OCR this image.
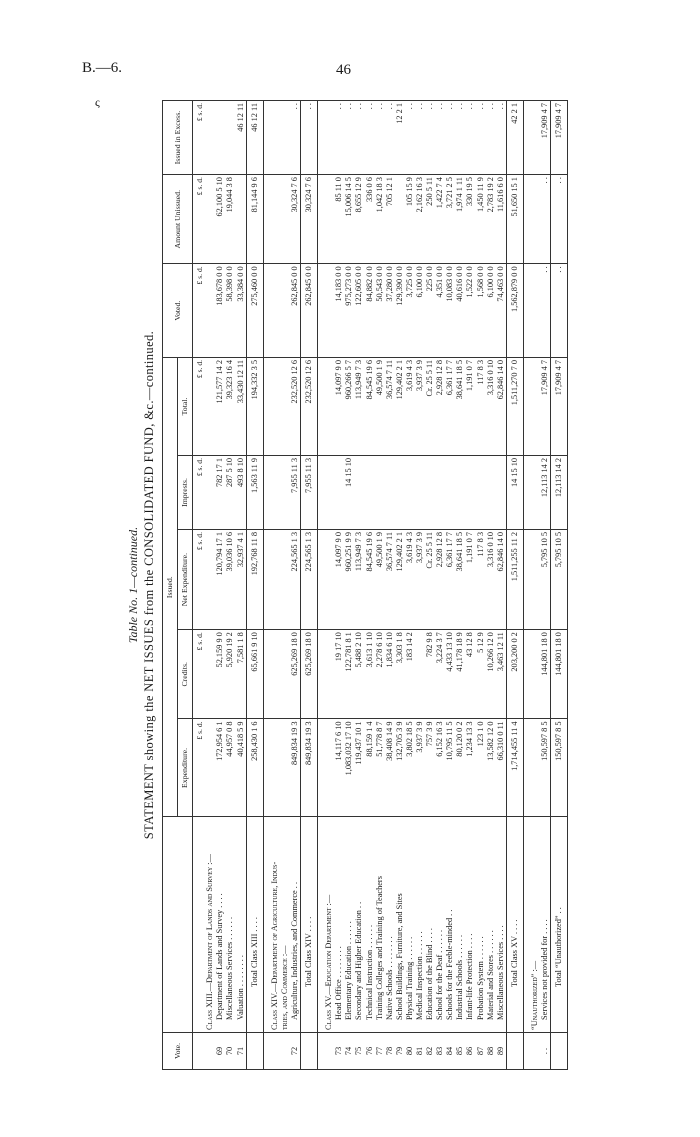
B.—6.	46
ς
Table No. 1—continued. STATEMENT showing the NET ISSUES from the CONSOLIDATED FUND, &c.—continued.
Vote.		Issued.					Voted.	Amount Unissued.	Issued in Excess.
		Expenditure.	Credits.	Net Expenditure.	Imprests.	Total.			
		£ s. d.	£ s. d.	£ s. d.	£ s. d.	£ s. d.	£ s. d.	£ s. d.	£ s. d.
	Class XIII.—Department of Lands and Survey :—								
69	Department of Lands and Survey . . . .	172,954 6 1	52,159 9 0	120,794 17 1	782 17 1	121,577 14 2	183,678 0 0	62,100 5 10	
70	Miscellaneous Services . . . . . .	44,957 0 8	5,920 19 2	39,036 10 6	287 5 10	39,323 16 4	58,398 0 0	19,044 3 8	
71	Valuation . . . . . . . .	40,418 5 9	7,581 1 8	32,937 4 1	493 8 10	33,430 12 11	33,384 0 0		46 12 11
	Total Class XIII . . . .	258,430 1 6	65,661 9 10	192,768 11 8	1,563 11 9	194,332 3 5	275,460 0 0	81,144 9 6	46 12 11

	Class XIV.—Department of Agriculture, Indus-								
	tries, and Commerce :—								
72	Agriculture, Industries, and Commerce . .	849,834 19 3	625,269 18 0	224,565 1 3	7,955 11 3	232,520 12 6	262,845 0 0	30,324 7 6	. .
	Total Class XIV . . . .	849,834 19 3	625,269 18 0	224,565 1 3	7,955 11 3	232,520 12 6	262,845 0 0	30,324 7 6	. .

	Class XV.—Education Department :—								
73	Head Office . . . . . . . .	14,117 6 10	19 17 10	14,097 9 0		14,097 9 0	14,183 0 0	85 11 0	. .
74	Elementary Education . . . . . .	1,083,032 17 10	122,781 8 1	960,251 9 9	14 15 10	960,266 5 7	975,273 0 0	15,006 14 5	. .
75	Secondary and Higher Education . .	119,437 10 1	5,488 2 10	113,949 7 3		113,949 7 3	122,605 0 0	8,655 12 9	. .
76	Technical Instruction . . . . . .	88,159 1 4	3,613 1 10	84,545 19 6		84,545 19 6	84,882 0 0	336 0 6	. .
77	Training Colleges and Training of Teachers	51,778 8 7	2,278 6 10	49,500 1 9		49,500 1 9	50,543 0 0	1,042 18 3	. .
78	Native Schools . . . . . . . .	38,408 14 9	1,834 6 10	36,574 7 11		36,574 7 11	37,280 0 0	705 12 1	. .
79	School Buildings, Furniture, and Sites	132,705 3 9	3,303 1 8	129,402 2 1		129,402 2 1	129,390 0 0		12 2 1
80	Physical Training . . . . . .	3,802 18 5	183 14 2	3,619 4 3		3,619 4 3	3,725 0 0	105 15 9	. .
81	Medical Inspection . . . . . .	3,937 3 9		3,937 3 9		3,937 3 9	6,100 0 0	2,162 16 3	. .
82	Education of the Blind . . . .	757 3 9	782 9 8	Cr. 25 5 11		Cr. 25 5 11	225 0 0	250 5 11	. .
83	School for the Deaf . . . . . .	6,152 16 3	3,224 3 7	2,928 12 8		2,928 12 8	4,351 0 0	1,422 7 4	. .
84	Schools for the Feeble-minded . .	10,795 11 5	4,433 13 10	6,361 17 7		6,361 17 7	10,083 0 0	3,721 2 5	. .
85	Industrial Schools . . . . . .	80,120 0 2	41,178 18 9	38,641 18 5		38,641 18 5	40,616 0 0	1,974 1 11	. .
86	Infant-life Protection . . . .	1,234 13 3	43 12 8	1,191 0 7		1,191 0 7	1,522 0 0	330 19 5	. .
87	Probation System . . . . . .	123 1 0	5 12 9	117 8 3		117 8 3	1,568 0 0	1,450 11 9	. .
88	Material and Stores . . . . . .	13,582 12 0	10,266 12 0	3,316 0 10		3,316 0 10	6,100 0 0	2,783 19 2	. .
89	Miscellaneous Services . . . .	66,310 0 11	3,463 12 11	62,846 14 0		62,846 14 0	74,463 0 0	11,616 6 0	. .
	Total Class XV . . . .	1,714,455 11 4	203,200 0 2	1,511,255 11 2	14 15 10	1,511,270 7 0	1,562,879 0 0	51,650 15 1	42 2 1

	“Unauthorized” :—								
. .	Services not provided for . . . .	150,597 8 5	144,801 18 0	5,795 10 5	12,113 14 2	17,909 4 7	. .	. .	17,909 4 7
	Total “Unauthorized” . .	150,597 8 5	144,801 18 0	5,795 10 5	12,113 14 2	17,909 4 7	. .	. .	17,909 4 7
